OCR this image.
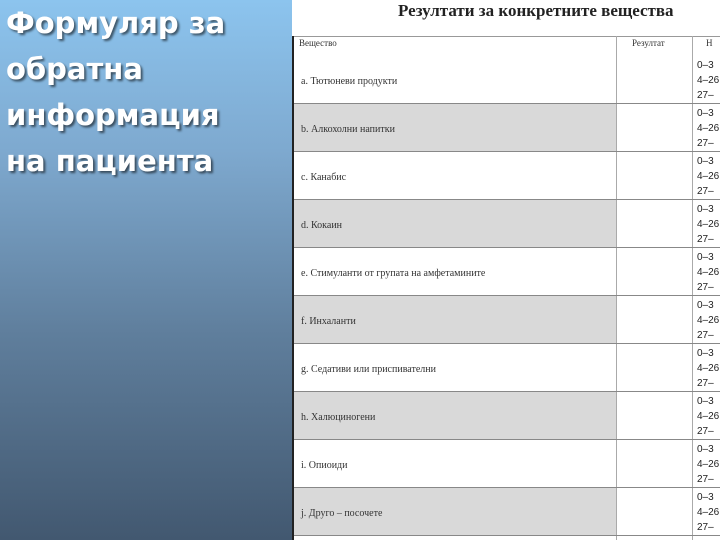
Формуляр за
обратна
информация
на пациента
Резултати за конкретните вещества
Вещество	Резултат	Н
a. Тютюневи продукти
0–3
4–26
27–
b. Алкохолни напитки
0–3
4–26
27–
c. Канабис
0–3
4–26
27–
d. Кокаин
0–3
4–26
27–
e. Стимуланти от групата на амфетамините
0–3
4–26
27–
f. Инхаланти
0–3
4–26
27–
g. Седативи или приспивателни
0–3
4–26
27–
h. Халюциногени
0–3
4–26
27–
i. Опиоиди
0–3
4–26
27–
j. Друго – посочете
0–3
4–26
27–
76
